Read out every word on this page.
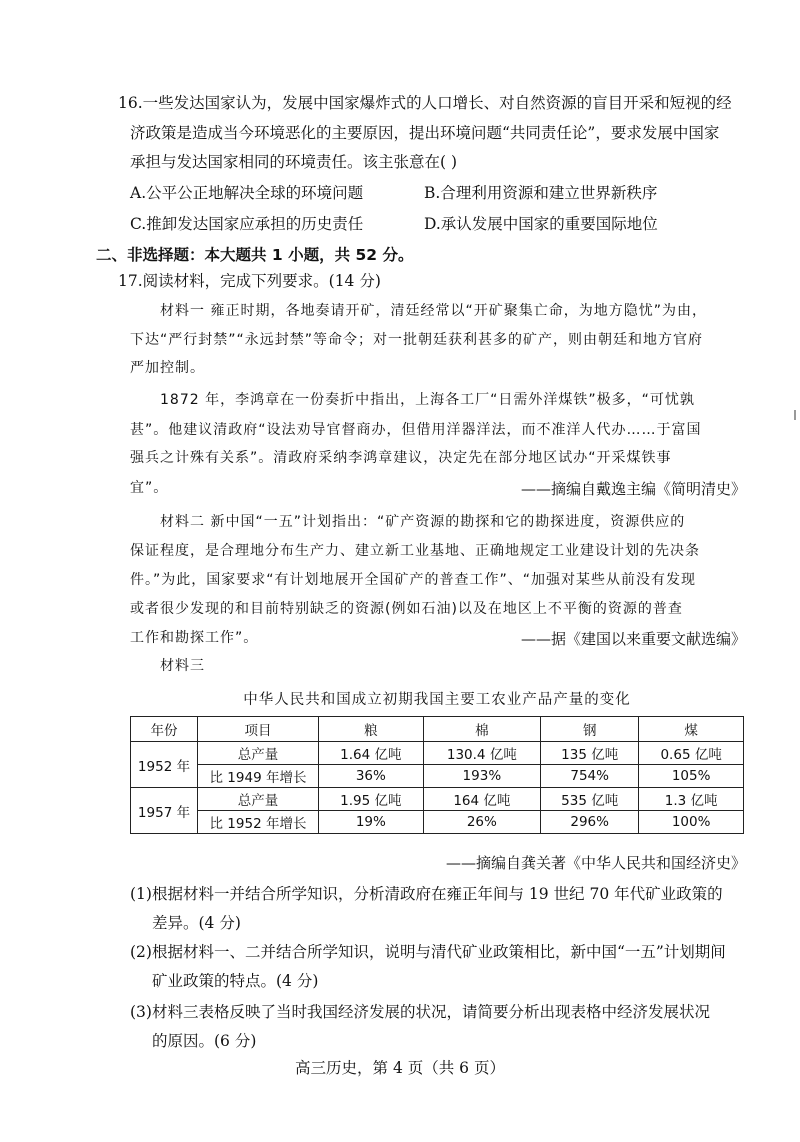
16.一些发达国家认为，发展中国家爆炸式的人口增长、对自然资源的盲目开采和短视的经
济政策是造成当今环境恶化的主要原因，提出环境问题“共同责任论”，要求发展中国家
承担与发达国家相同的环境责任。该主张意在( )
A.公平公正地解决全球的环境问题	B.合理利用资源和建立世界新秩序
C.推卸发达国家应承担的历史责任	D.承认发展中国家的重要国际地位
二、非选择题：本大题共 1 小题，共 52 分。
17.阅读材料，完成下列要求。(14 分)
材料一 雍正时期，各地奏请开矿，清廷经常以“开矿聚集亡命，为地方隐忧”为由，
下达“严行封禁”“永远封禁”等命令；对一批朝廷获利甚多的矿产，则由朝廷和地方官府
严加控制。
1872 年，李鸿章在一份奏折中指出，上海各工厂“日需外洋煤铁”极多，“可忧孰
甚”。他建议清政府“设法劝导官督商办，但借用洋器洋法，而不准洋人代办……于富国
强兵之计殊有关系”。清政府采纳李鸿章建议，决定先在部分地区试办“开采煤铁事
宜”。	——摘编自戴逸主编《简明清史》
材料二 新中国“一五”计划指出：“矿产资源的勘探和它的勘探进度，资源供应的
保证程度，是合理地分布生产力、建立新工业基地、正确地规定工业建设计划的先决条
件。”为此，国家要求“有计划地展开全国矿产的普查工作”、“加强对某些从前没有发现
或者很少发现的和目前特别缺乏的资源(例如石油)以及在地区上不平衡的资源的普查
工作和勘探工作”。	——据《建国以来重要文献选编》
材料三
中华人民共和国成立初期我国主要工农业产品产量的变化
年份	项目	粮	棉	钢	煤
1952 年	总产量	1.64 亿吨	130.4 亿吨	135 亿吨	0.65 亿吨
	比 1949 年增长	36%	193%	754%	105%
1957 年	总产量	1.95 亿吨	164 亿吨	535 亿吨	1.3 亿吨
	比 1952 年增长	19%	26%	296%	100%
——摘编自龚关著《中华人民共和国经济史》
(1)根据材料一并结合所学知识，分析清政府在雍正年间与 19 世纪 70 年代矿业政策的
差异。(4 分)
(2)根据材料一、二并结合所学知识，说明与清代矿业政策相比，新中国“一五”计划期间
矿业政策的特点。(4 分)
(3)材料三表格反映了当时我国经济发展的状况，请简要分析出现表格中经济发展状况
的原因。(6 分)
高三历史，第 4 页（共 6 页）
